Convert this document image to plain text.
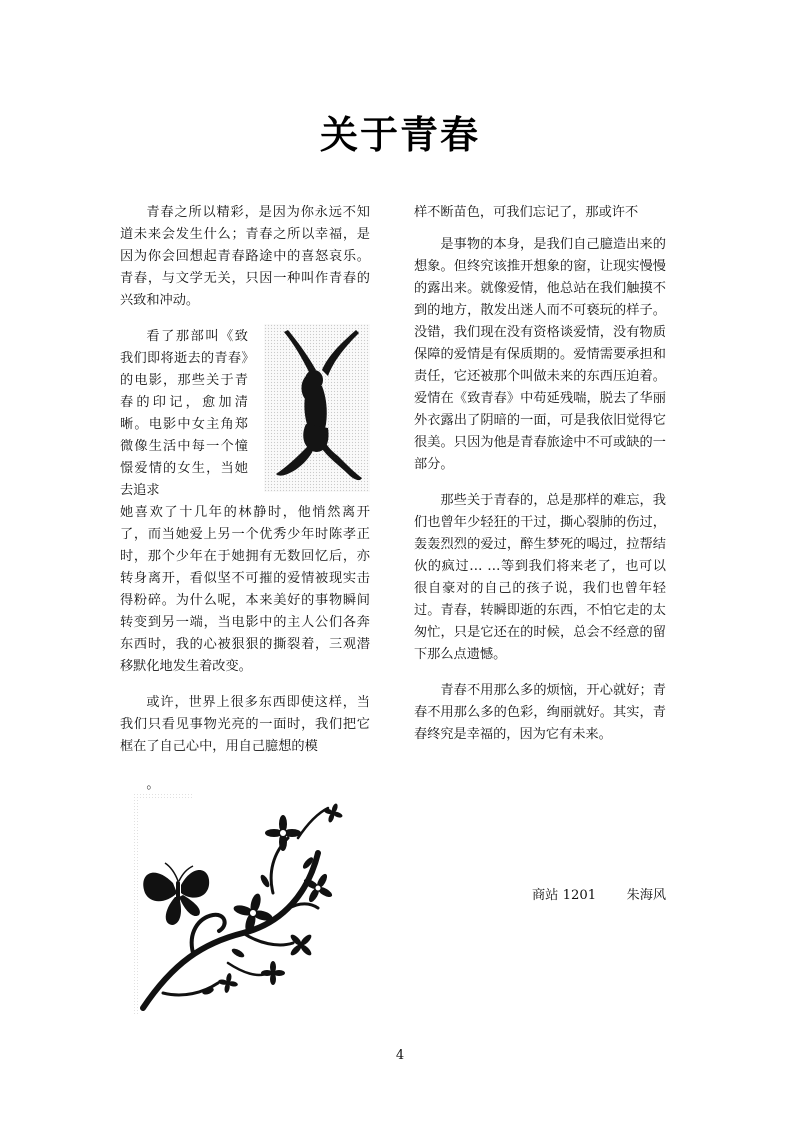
关于青春

青春之所以精彩，是因为你永远不知道未来会发生什么；青春之所以幸福，是因为你会回想起青春路途中的喜怒哀乐。青春，与文学无关，只因一种叫作青春的兴致和冲动。

看了那部叫《致我们即将逝去的青春》的电影，那些关于青春的印记，愈加清晰。电影中女主角郑微像生活中每一个憧憬爱情的女生，当她去追求

她喜欢了十几年的林静时，他悄然离开了，而当她爱上另一个优秀少年时陈孝正时，那个少年在于她拥有无数回忆后，亦转身离开，看似坚不可摧的爱情被现实击得粉碎。为什么呢，本来美好的事物瞬间转变到另一端，当电影中的主人公们各奔东西时，我的心被狠狠的撕裂着，三观潜移默化地发生着改变。

或许，世界上很多东西即使这样，当我们只看见事物光亮的一面时，我们把它框在了自己心中，用自己臆想的模

。

样不断苗色，可我们忘记了，那或许不

是事物的本身，是我们自己臆造出来的想象。但终究该推开想象的窗，让现实慢慢的露出来。就像爱情，他总站在我们触摸不到的地方，散发出迷人而不可亵玩的样子。没错，我们现在没有资格谈爱情，没有物质保障的爱情是有保质期的。爱情需要承担和责任，它还被那个叫做未来的东西压迫着。爱情在《致青春》中苟延残喘，脱去了华丽外衣露出了阴暗的一面，可是我依旧觉得它很美。只因为他是青春旅途中不可或缺的一部分。

那些关于青春的，总是那样的难忘，我们也曾年少轻狂的干过，撕心裂肺的伤过，轰轰烈烈的爱过，醉生梦死的喝过，拉帮结伙的疯过… …等到我们将来老了，也可以很自豪对的自己的孩子说，我们也曾年轻过。青春，转瞬即逝的东西，不怕它走的太匆忙，只是它还在的时候，总会不经意的留下那么点遗憾。

青春不用那么多的烦恼，开心就好；青春不用那么多的色彩，绚丽就好。其实，青春终究是幸福的，因为它有未来。

商站 1201 朱海风
4
